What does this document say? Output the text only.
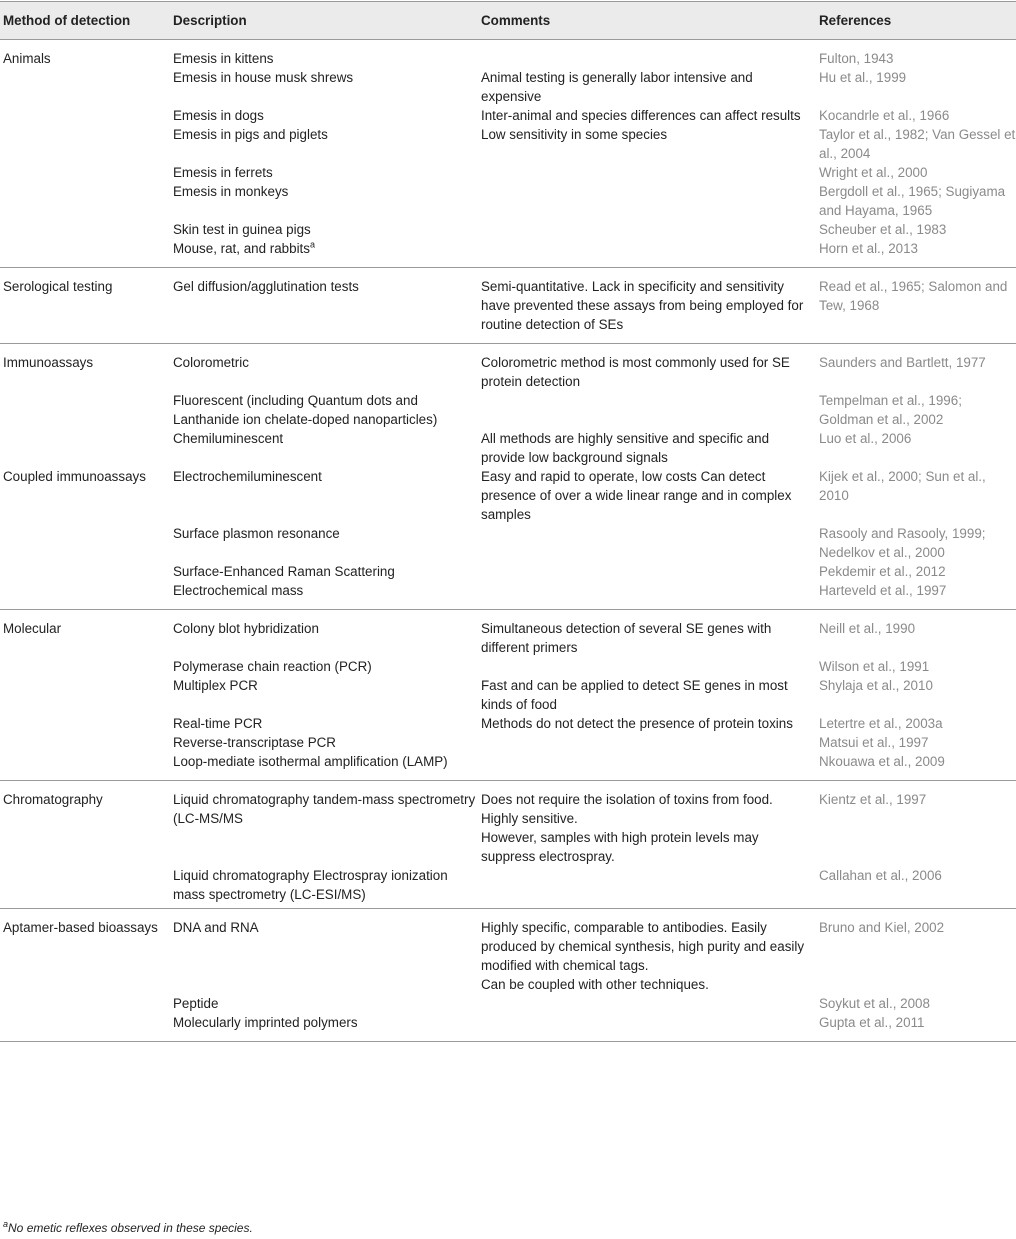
Method of detection	Description	Comments	References

Animals	Emesis in kittens		Fulton, 1943

	Emesis in house musk shrews	Animal testing is generally labor intensive and expensive	Hu et al., 1999

	Emesis in dogs	Inter-animal and species differences can affect results	Kocandrle et al., 1966

	Emesis in pigs and piglets	Low sensitivity in some species	Taylor et al., 1982; Van Gessel et al., 2004

	Emesis in ferrets		Wright et al., 2000

	Emesis in monkeys		Bergdoll et al., 1965; Sugiyama and Hayama, 1965

	Skin test in guinea pigs		Scheuber et al., 1983

	Mouse, rat, and rabbits$^a$		Horn et al., 2013

Serological testing	Gel diffusion/agglutination tests	Semi-quantitative. Lack in specificity and sensitivity have prevented these assays from being employed for routine detection of SEs	Read et al., 1965; Salomon and Tew, 1968

Immunoassays	Colorometric	Colorometric method is most commonly used for SE protein detection	Saunders and Bartlett, 1977

	Fluorescent (including Quantum dots and Lanthanide ion chelate-doped nanoparticles)		Tempelman et al., 1996; Goldman et al., 2002

	Chemiluminescent	All methods are highly sensitive and specific and provide low background signals	Luo et al., 2006

Coupled immunoassays	Electrochemiluminescent	Easy and rapid to operate, low costs Can detect presence of over a wide linear range and in complex samples	Kijek et al., 2000; Sun et al., 2010

	Surface plasmon resonance		Rasooly and Rasooly, 1999; Nedelkov et al., 2000

	Surface-Enhanced Raman Scattering		Pekdemir et al., 2012

	Electrochemical mass		Harteveld et al., 1997

Molecular	Colony blot hybridization	Simultaneous detection of several SE genes with different primers	Neill et al., 1990

	Polymerase chain reaction (PCR)		Wilson et al., 1991

	Multiplex PCR	Fast and can be applied to detect SE genes in most kinds of food	Shylaja et al., 2010

	Real-time PCR	Methods do not detect the presence of protein toxins	Letertre et al., 2003a

	Reverse-transcriptase PCR		Matsui et al., 1997

	Loop-mediate isothermal amplification (LAMP)		Nkouawa et al., 2009

Chromatography	Liquid chromatography tandem-mass spectrometry (LC-MS/MS	Does not require the isolation of toxins from food.
Highly sensitive.
However, samples with high protein levels may suppress electrospray.	Kientz et al., 1997

	Liquid chromatography Electrospray ionization mass spectrometry (LC-ESI/MS)		Callahan et al., 2006

Aptamer-based bioassays	DNA and RNA	Highly specific, comparable to antibodies. Easily produced by chemical synthesis, high purity and easily modified with chemical tags.
Can be coupled with other techniques.	Bruno and Kiel, 2002

	Peptide		Soykut et al., 2008

	Molecularly imprinted polymers		Gupta et al., 2011
$^a$No emetic reflexes observed in these species.
